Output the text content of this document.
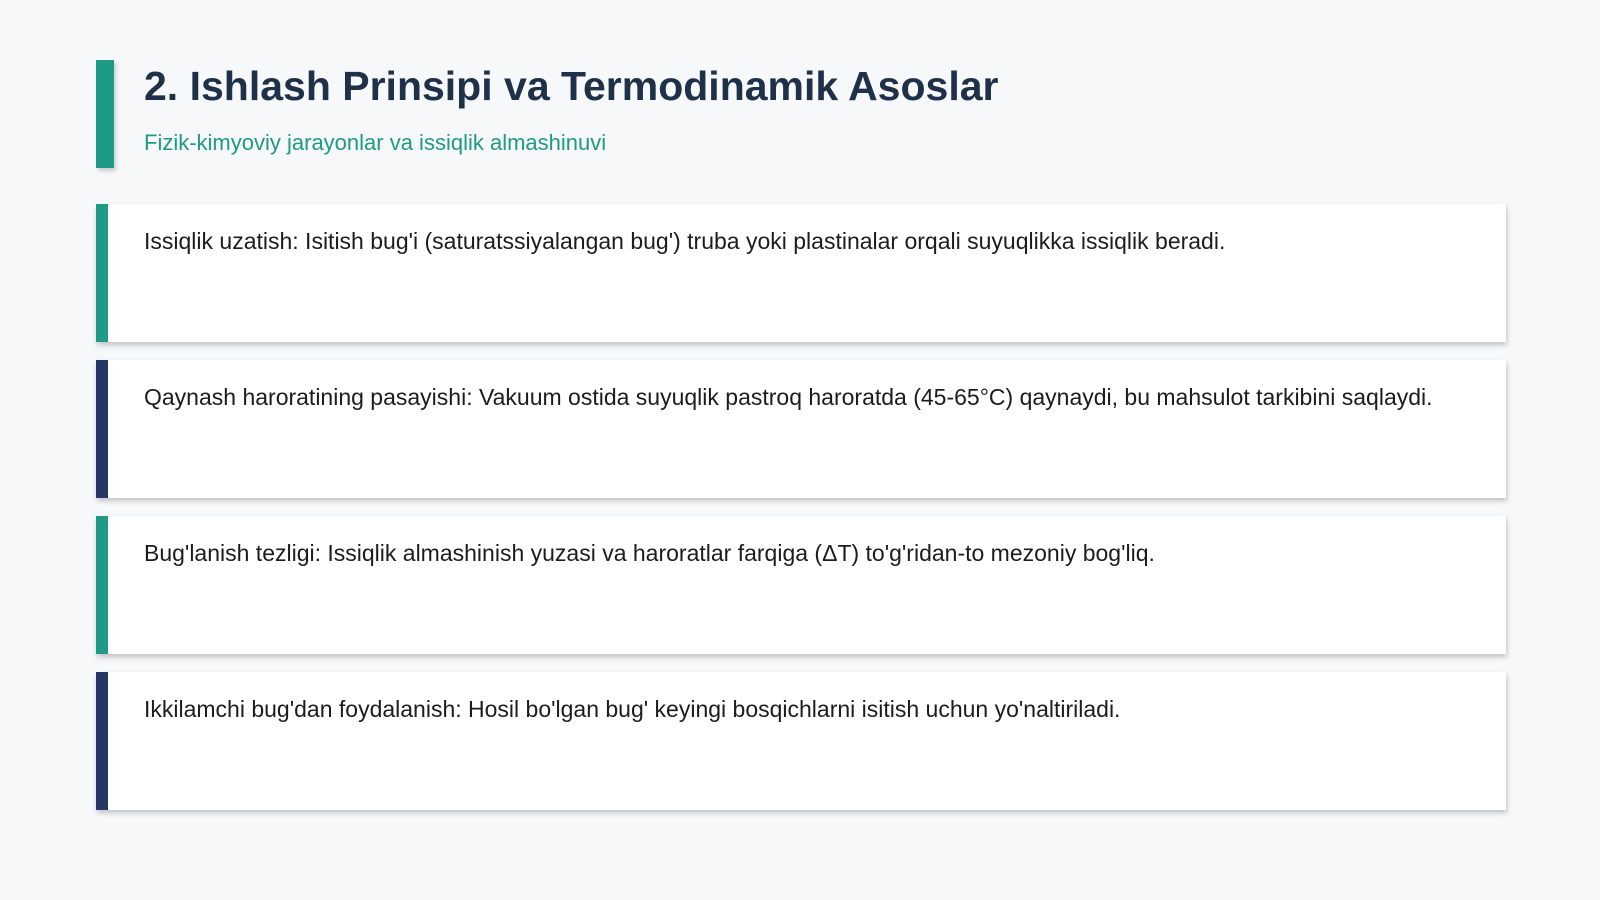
2. Ishlash Prinsipi va Termodinamik Asoslar

Fizik-kimyoviy jarayonlar va issiqlik almashinuvi

Issiqlik uzatish: Isitish bug'i (saturatssiyalangan bug') truba yoki plastinalar orqali suyuqlikka issiqlik beradi.
Qaynash haroratining pasayishi: Vakuum ostida suyuqlik pastroq haroratda (45-65°C) qaynaydi, bu mahsulot tarkibini saqlaydi.
Bug'lanish tezligi: Issiqlik almashinish yuzasi va haroratlar farqiga (ΔT) to'g'ridan-to mezoniy bog'liq.
Ikkilamchi bug'dan foydalanish: Hosil bo'lgan bug' keyingi bosqichlarni isitish uchun yo'naltiriladi.
